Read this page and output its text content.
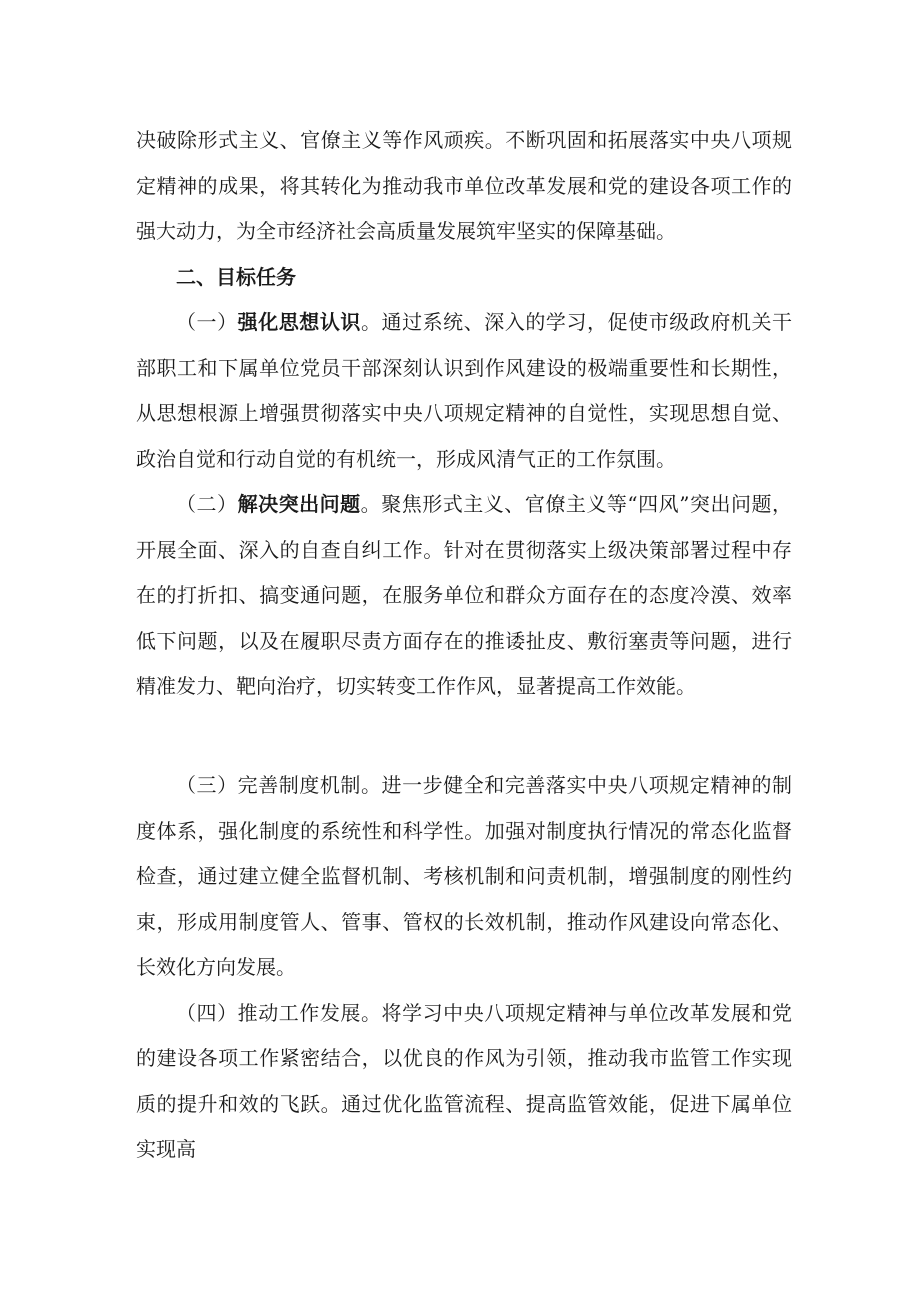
决破除形式主义、官僚主义等作风顽疾。不断巩固和拓展落实中央八项规定精神的成果，将其转化为推动我市单位改革发展和党的建设各项工作的强大动力，为全市经济社会高质量发展筑牢坚实的保障基础。

二、目标任务

（一）强化思想认识。通过系统、深入的学习，促使市级政府机关干部职工和下属单位党员干部深刻认识到作风建设的极端重要性和长期性，从思想根源上增强贯彻落实中央八项规定精神的自觉性，实现思想自觉、政治自觉和行动自觉的有机统一，形成风清气正的工作氛围。

（二）解决突出问题。聚焦形式主义、官僚主义等“四风”突出问题，开展全面、深入的自查自纠工作。针对在贯彻落实上级决策部署过程中存在的打折扣、搞变通问题，在服务单位和群众方面存在的态度冷漠、效率低下问题，以及在履职尽责方面存在的推诿扯皮、敷衍塞责等问题，进行精准发力、靶向治疗，切实转变工作作风，显著提高工作效能。

（三）完善制度机制。进一步健全和完善落实中央八项规定精神的制度体系，强化制度的系统性和科学性。加强对制度执行情况的常态化监督检查，通过建立健全监督机制、考核机制和问责机制，增强制度的刚性约束，形成用制度管人、管事、管权的长效机制，推动作风建设向常态化、长效化方向发展。

（四）推动工作发展。将学习中央八项规定精神与单位改革发展和党的建设各项工作紧密结合，以优良的作风为引领，推动我市监管工作实现质的提升和效的飞跃。通过优化监管流程、提高监管效能，促进下属单位实现高
